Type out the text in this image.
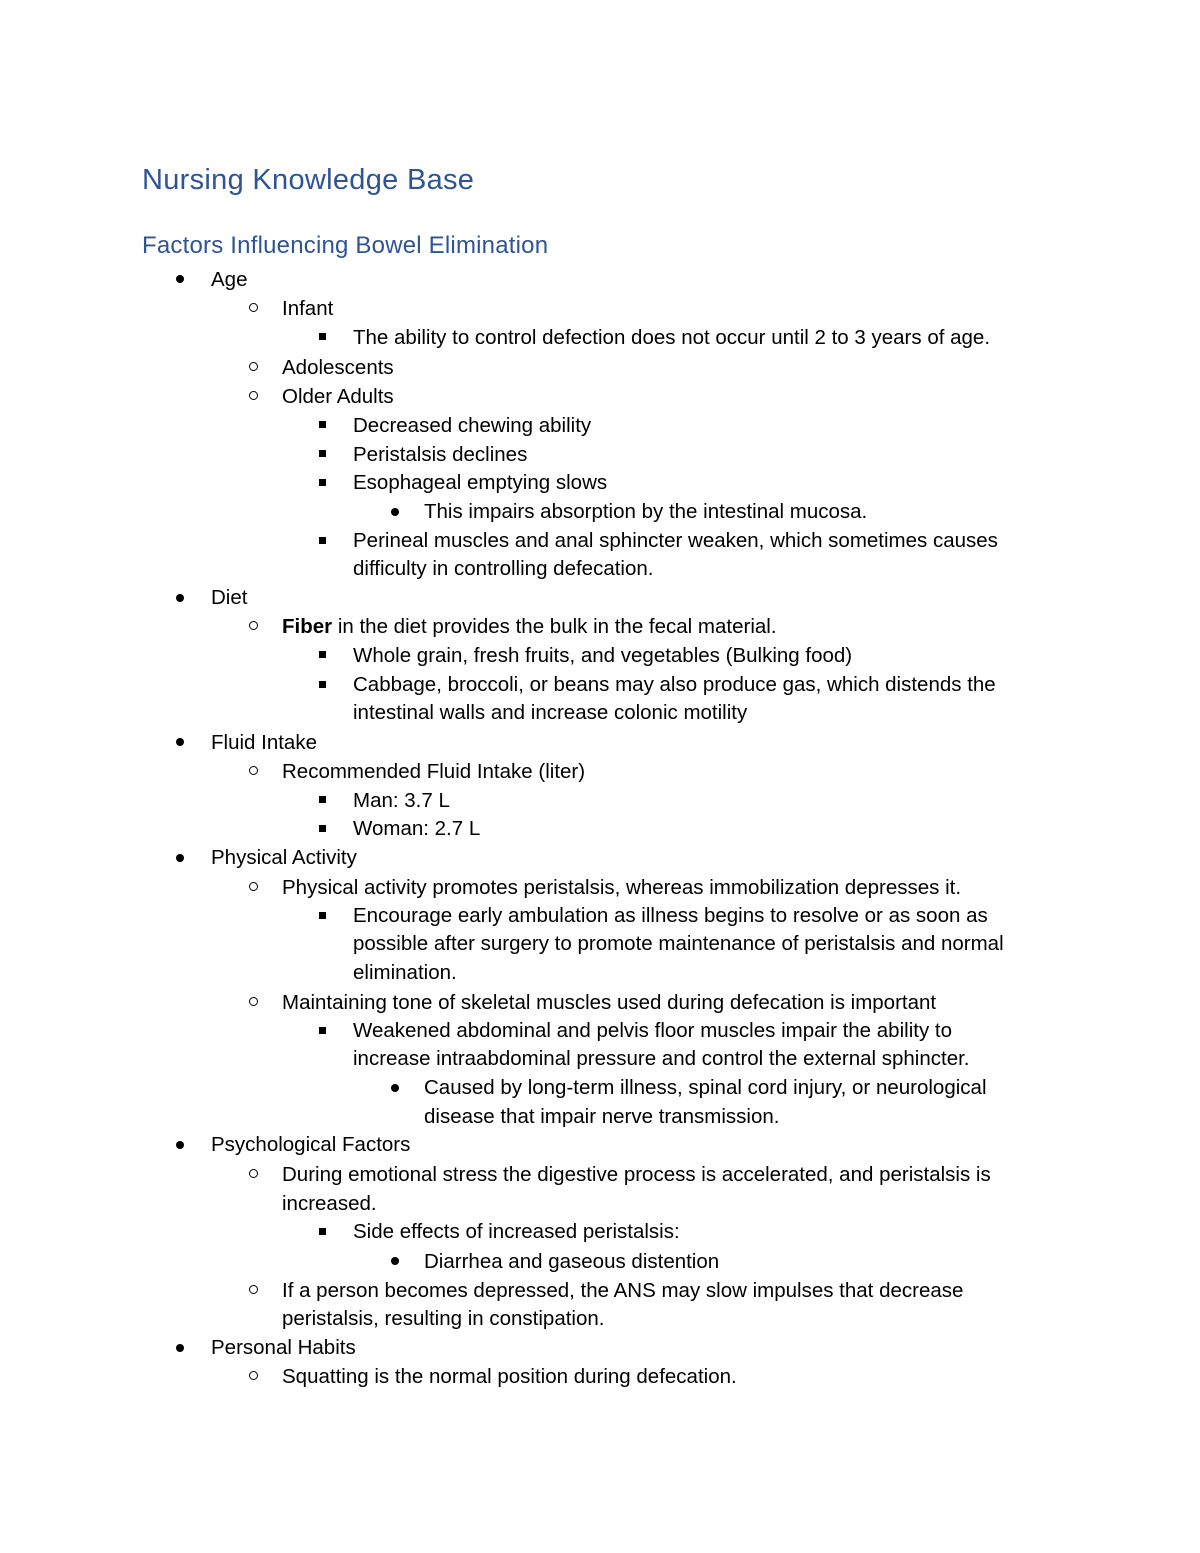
Nursing Knowledge Base
Factors Influencing Bowel Elimination
Age
Infant
The ability to control defection does not occur until 2 to 3 years of age.
Adolescents
Older Adults
Decreased chewing ability
Peristalsis declines
Esophageal emptying slows
This impairs absorption by the intestinal mucosa.
Perineal muscles and anal sphincter weaken, which sometimes causes
difficulty in controlling defecation.
Diet
Fiber in the diet provides the bulk in the fecal material.
Whole grain, fresh fruits, and vegetables (Bulking food)
Cabbage, broccoli, or beans may also produce gas, which distends the
intestinal walls and increase colonic motility
Fluid Intake
Recommended Fluid Intake (liter)
Man: 3.7 L
Woman: 2.7 L
Physical Activity
Physical activity promotes peristalsis, whereas immobilization depresses it.
Encourage early ambulation as illness begins to resolve or as soon as
possible after surgery to promote maintenance of peristalsis and normal
elimination.
Maintaining tone of skeletal muscles used during defecation is important
Weakened abdominal and pelvis floor muscles impair the ability to
increase intraabdominal pressure and control the external sphincter.
Caused by long-term illness, spinal cord injury, or neurological
disease that impair nerve transmission.
Psychological Factors
During emotional stress the digestive process is accelerated, and peristalsis is
increased.
Side effects of increased peristalsis:
Diarrhea and gaseous distention
If a person becomes depressed, the ANS may slow impulses that decrease
peristalsis, resulting in constipation.
Personal Habits
Squatting is the normal position during defecation.
